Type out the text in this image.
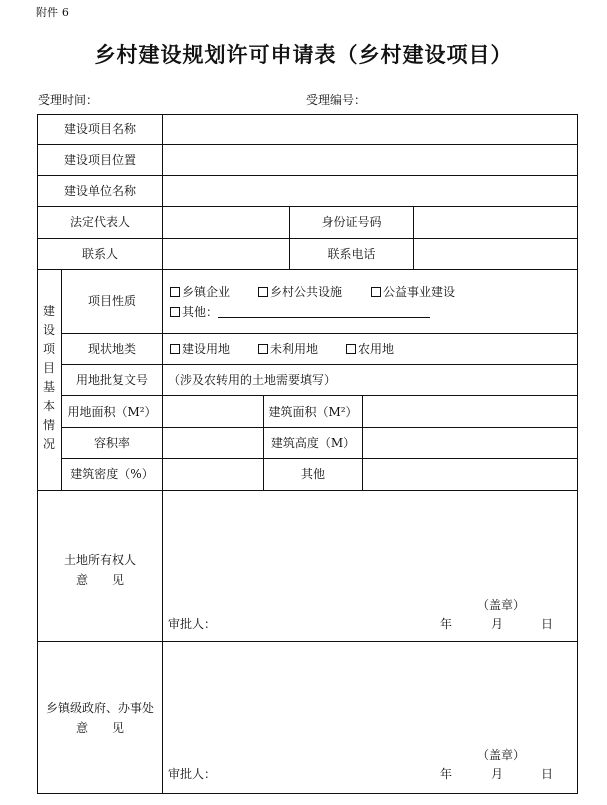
附件 6
乡村建设规划许可申请表（乡村建设项目）
受理时间：	受理编号：
建设项目名称
建设项目位置
建设单位名称
法定代表人	身份证号码
联系人	联系电话
建
设
项
目
基
本
情
况
项目性质
乡镇企业	乡村公共设施	公益事业建设
其他：
现状地类	建设用地	未利用地	农用地
用地批复文号	（涉及农转用的土地需要填写）
用地面积（M²）	建筑面积（M²）
容积率	建筑高度（M）
建筑密度（%）	其他
土地所有权人
意　　见
（盖章）
审批人：	年	月	日
乡镇级政府、办事处
意　　见
（盖章）
审批人：	年	月	日
